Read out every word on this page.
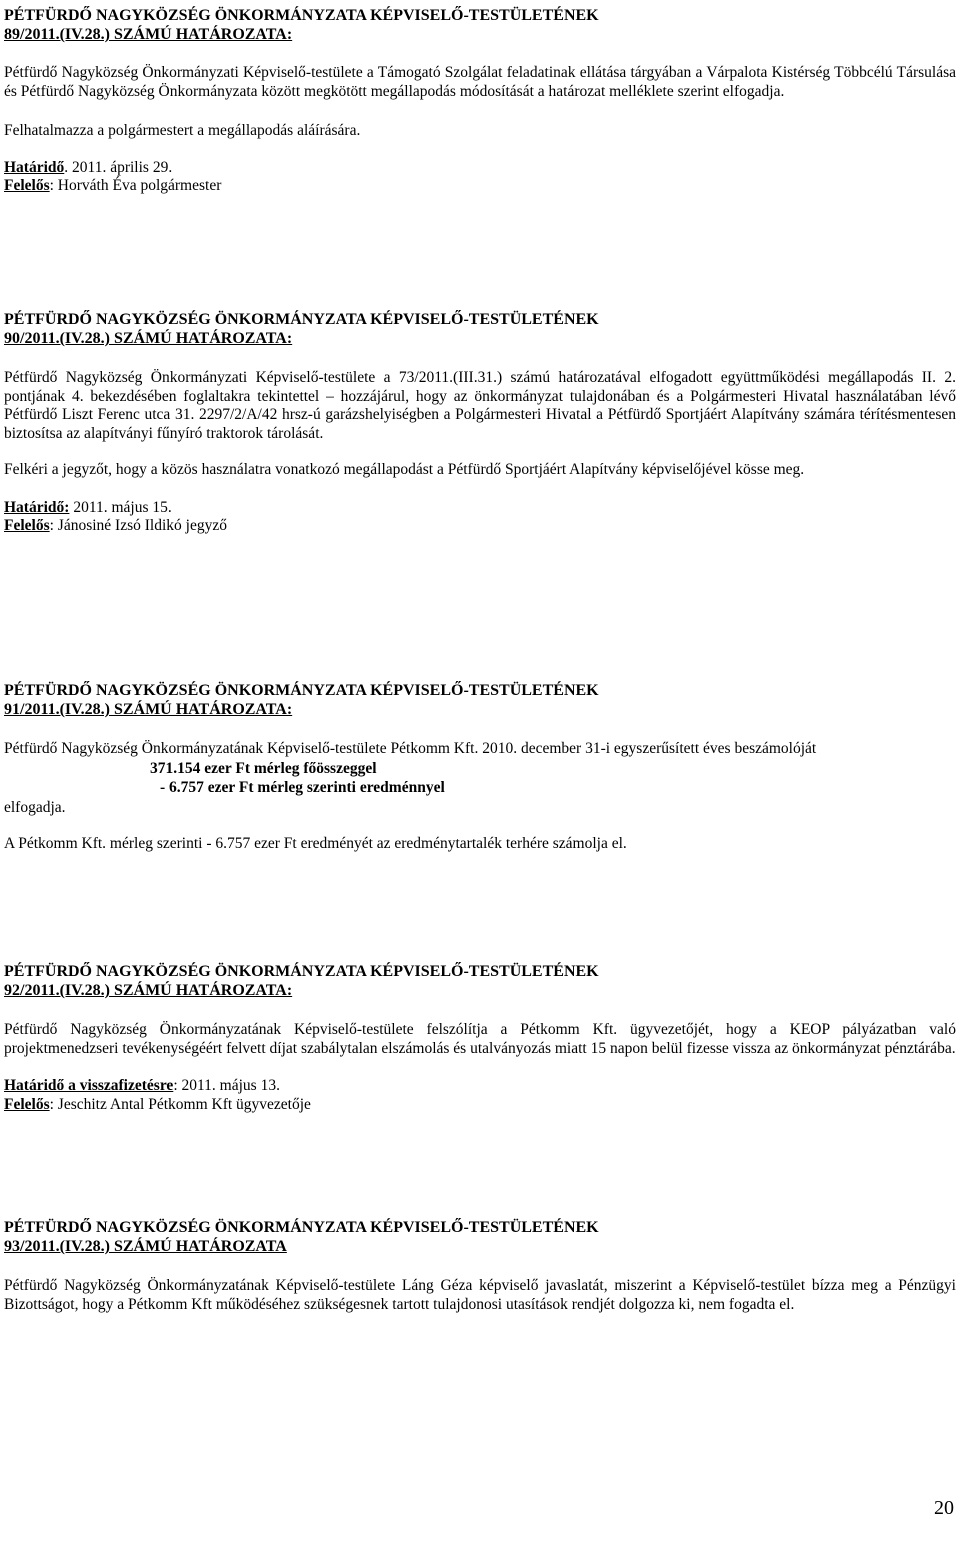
PÉTFÜRDŐ NAGYKÖZSÉG ÖNKORMÁNYZATA KÉPVISELŐ-TESTÜLETÉNEK
89/2011.(IV.28.) SZÁMÚ HATÁROZATA:

Pétfürdő Nagyközség Önkormányzati Képviselő-testülete a Támogató Szolgálat feladatinak ellátása tárgyában a Várpalota Kistérség Többcélú Társulása és Pétfürdő Nagyközség Önkormányzata között megkötött megállapodás módosítását a határozat melléklete szerint elfogadja.

Felhatalmazza a polgármestert a megállapodás aláírására.

Határidő. 2011. április 29.
Felelős: Horváth Éva polgármester
PÉTFÜRDŐ NAGYKÖZSÉG ÖNKORMÁNYZATA KÉPVISELŐ-TESTÜLETÉNEK
90/2011.(IV.28.) SZÁMÚ HATÁROZATA:

Pétfürdő Nagyközség Önkormányzati Képviselő-testülete a 73/2011.(III.31.) számú határozatával elfogadott együttműködési megállapodás II. 2. pontjának 4. bekezdésében foglaltakra tekintettel – hozzájárul, hogy az önkormányzat tulajdonában és a Polgármesteri Hivatal használatában lévő Pétfürdő Liszt Ferenc utca 31. 2297/2/A/42 hrsz-ú garázshelyiségben a Polgármesteri Hivatal a Pétfürdő Sportjáért Alapítvány számára térítésmentesen biztosítsa az alapítványi fűnyíró traktorok tárolását.

Felkéri a jegyzőt, hogy a közös használatra vonatkozó megállapodást a Pétfürdő Sportjáért Alapítvány képviselőjével kösse meg.

Határidő: 2011. május 15.
Felelős: Jánosiné Izsó Ildikó jegyző
PÉTFÜRDŐ NAGYKÖZSÉG ÖNKORMÁNYZATA KÉPVISELŐ-TESTÜLETÉNEK
91/2011.(IV.28.) SZÁMÚ HATÁROZATA:

Pétfürdő Nagyközség Önkormányzatának Képviselő-testülete Pétkomm Kft. 2010. december 31-i egyszerűsített éves beszámolóját

371.154 ezer Ft mérleg főösszeggel
- 6.757 ezer Ft mérleg szerinti eredménnyel
elfogadja.
A Pétkomm Kft. mérleg szerinti - 6.757 ezer Ft eredményét az eredménytartalék terhére számolja el.
PÉTFÜRDŐ NAGYKÖZSÉG ÖNKORMÁNYZATA KÉPVISELŐ-TESTÜLETÉNEK
92/2011.(IV.28.) SZÁMÚ HATÁROZATA:

Pétfürdő Nagyközség Önkormányzatának Képviselő-testülete felszólítja a Pétkomm Kft. ügyvezetőjét, hogy a KEOP pályázatban való projektmenedzseri tevékenységéért felvett díjat szabálytalan elszámolás és utalványozás miatt 15 napon belül fizesse vissza az önkormányzat pénztárába.

Határidő a visszafizetésre: 2011. május 13.
Felelős: Jeschitz Antal Pétkomm Kft ügyvezetője
PÉTFÜRDŐ NAGYKÖZSÉG ÖNKORMÁNYZATA KÉPVISELŐ-TESTÜLETÉNEK
93/2011.(IV.28.) SZÁMÚ HATÁROZATA

Pétfürdő Nagyközség Önkormányzatának Képviselő-testülete Láng Géza képviselő javaslatát, miszerint a Képviselő-testület bízza meg a Pénzügyi Bizottságot, hogy a Pétkomm Kft működéséhez szükségesnek tartott tulajdonosi utasítások rendjét dolgozza ki, nem fogadta el.

20
